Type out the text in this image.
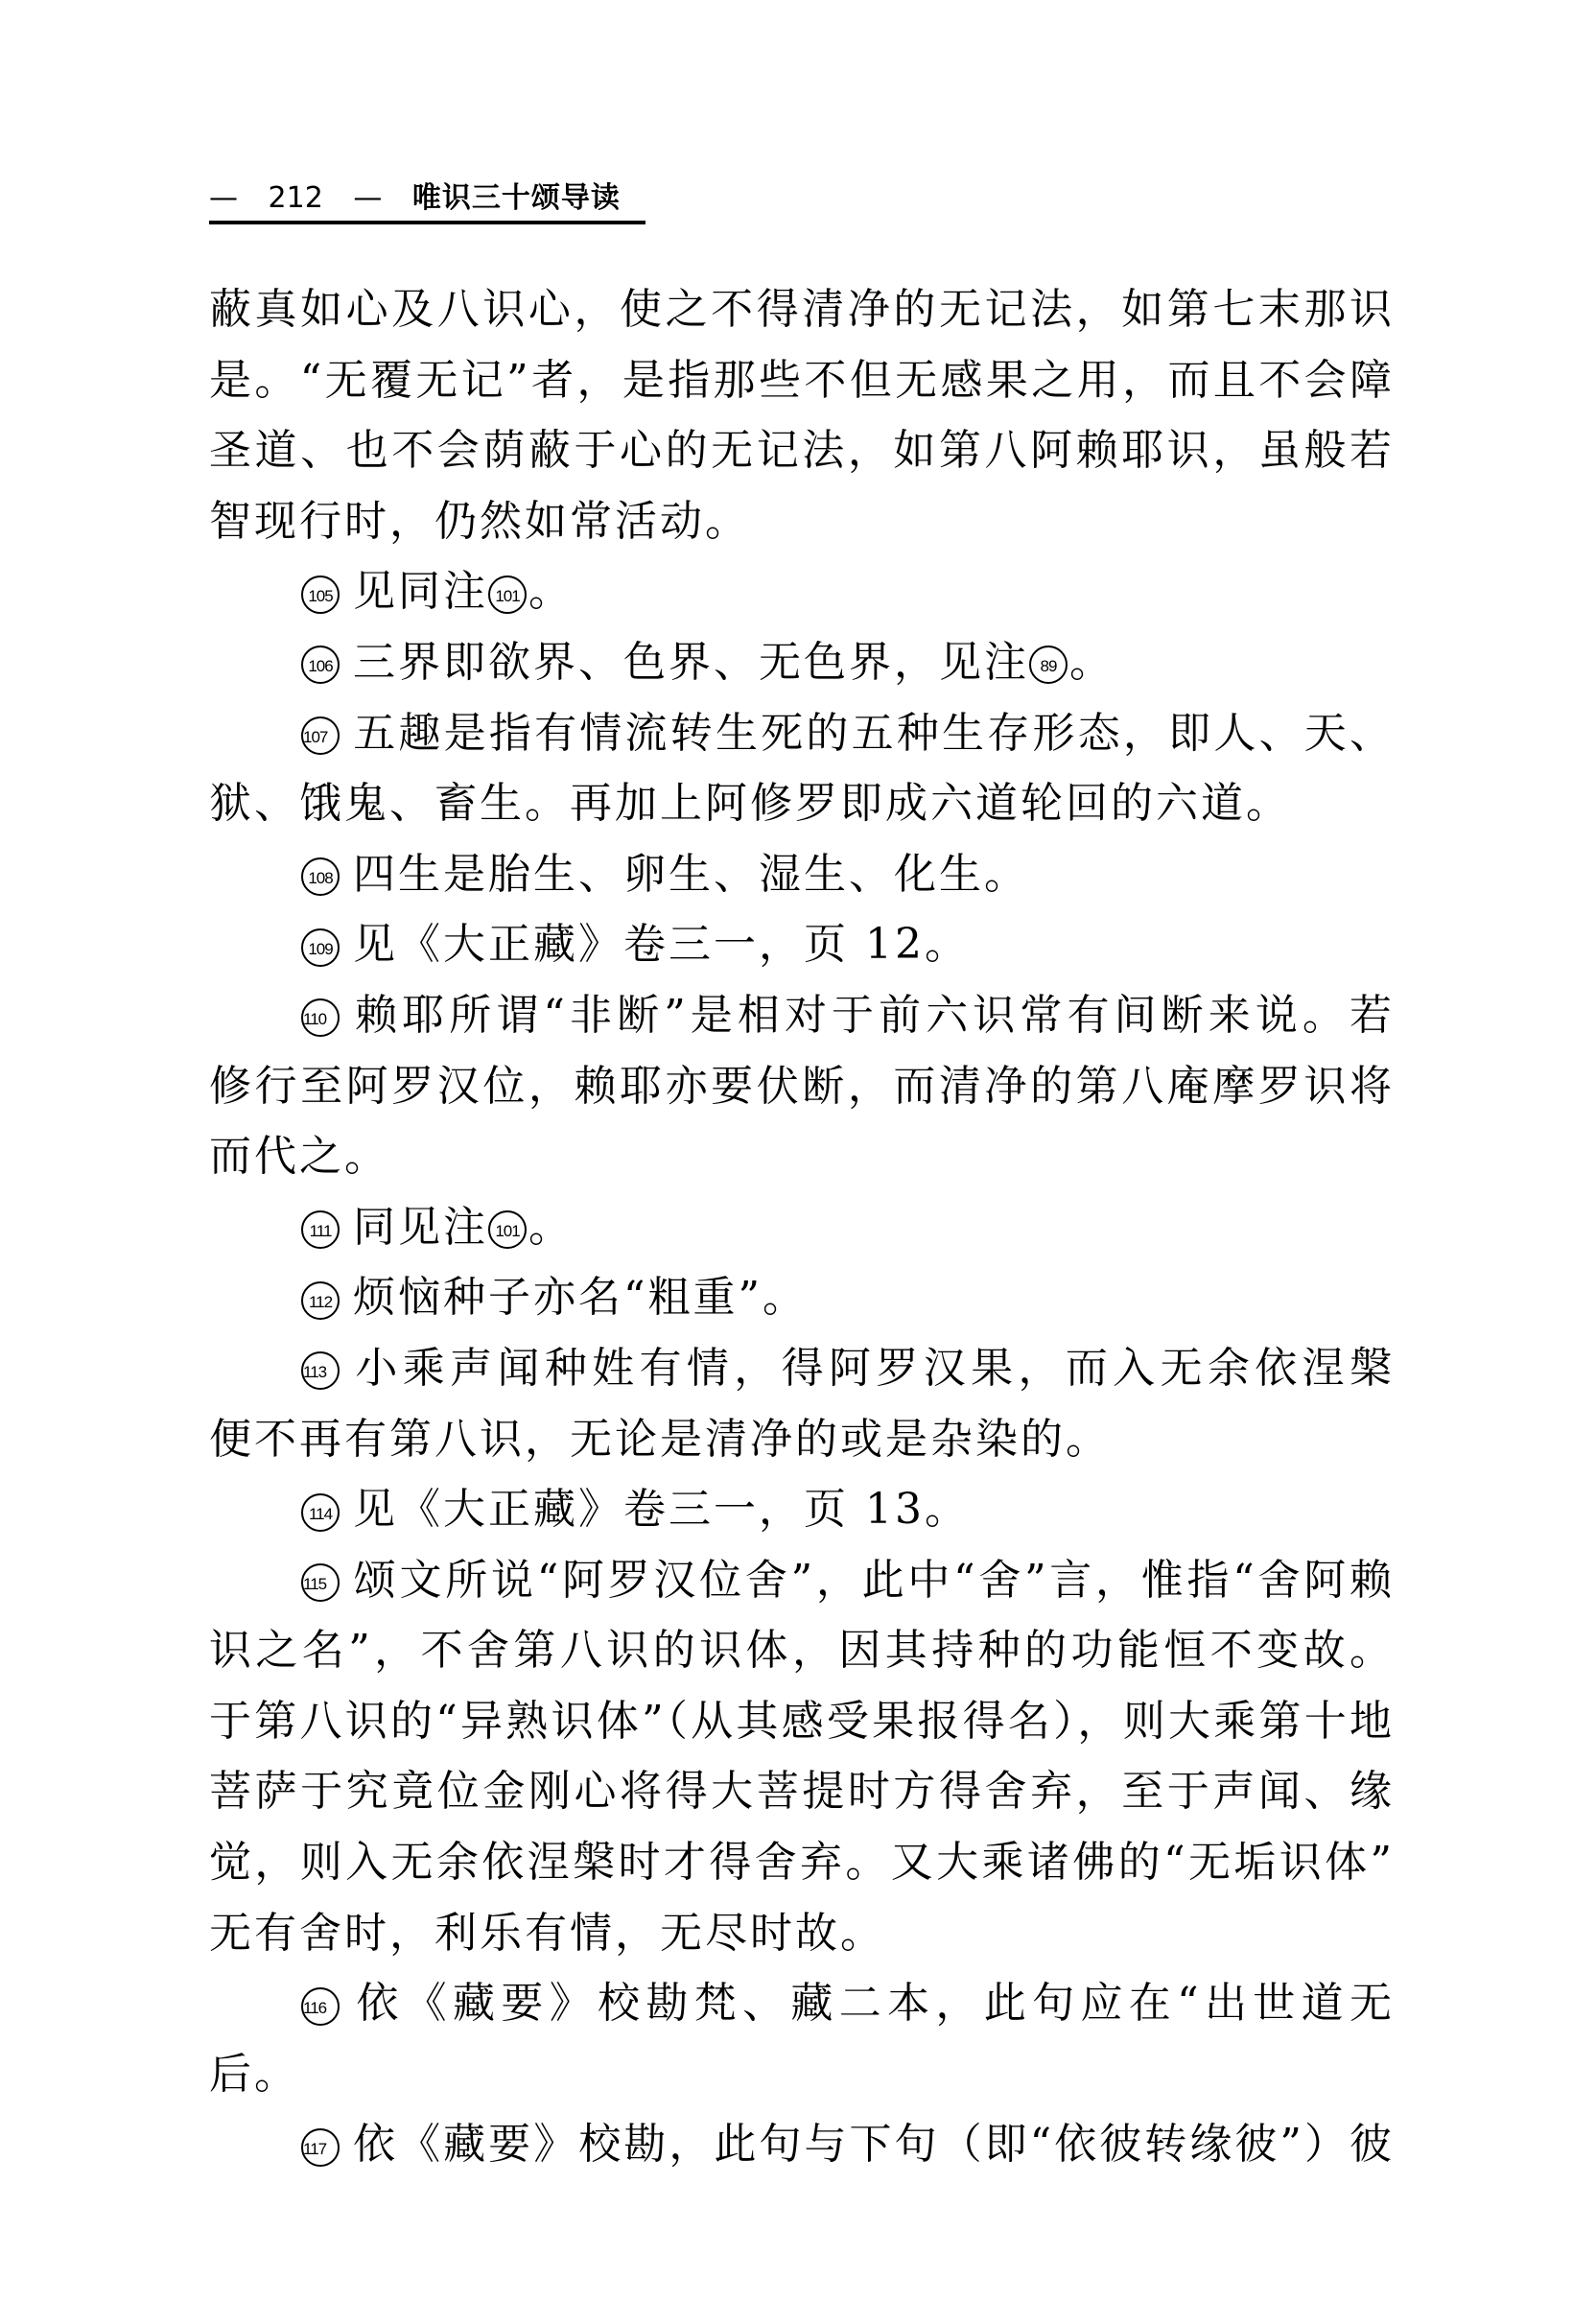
— 212 — 唯识三十颂导读
蔽真如心及八识心，使之不得清净的无记法，如第七末那识
是。“无覆无记”者，是指那些不但无感果之用，而且不会障
圣道、也不会荫蔽于心的无记法，如第八阿赖耶识，虽般若
智现行时，仍然如常活动。
105 见同注 101 。
106 三界即欲界、色界、无色界，见注 89 。
107 五趣是指有情流转生死的五种生存形态，即人、天、
狱、饿鬼、畜生。再加上阿修罗即成六道轮回的六道。
108 四生是胎生、卵生、湿生、化生。
109 见《大正藏》卷三一，页 12。
110 赖耶所谓“非断”是相对于前六识常有间断来说。若
修行至阿罗汉位，赖耶亦要伏断，而清净的第八庵摩罗识将
而代之。
111 同见注 101 。
112 烦恼种子亦名“粗重”。
113 小乘声闻种姓有情，得阿罗汉果，而入无余依涅槃
便不再有第八识，无论是清净的或是杂染的。
114 见《大正藏》卷三一，页 13。
115 颂文所说“阿罗汉位舍”，此中“舍”言，惟指“舍阿赖
识之名”，不舍第八识的识体，因其持种的功能恒不变故。
于第八识的“异熟识体”（从其感受果报得名），则大乘第十地
菩萨于究竟位金刚心将得大菩提时方得舍弃，至于声闻、缘
觉，则入无余依涅槃时才得舍弃。又大乘诸佛的“无垢识体”
无有舍时，利乐有情，无尽时故。
116 依《藏要》校勘梵、藏二本，此句应在“出世道无
后。
117 依《藏要》校勘，此句与下句（即“依彼转缘彼”）彼
